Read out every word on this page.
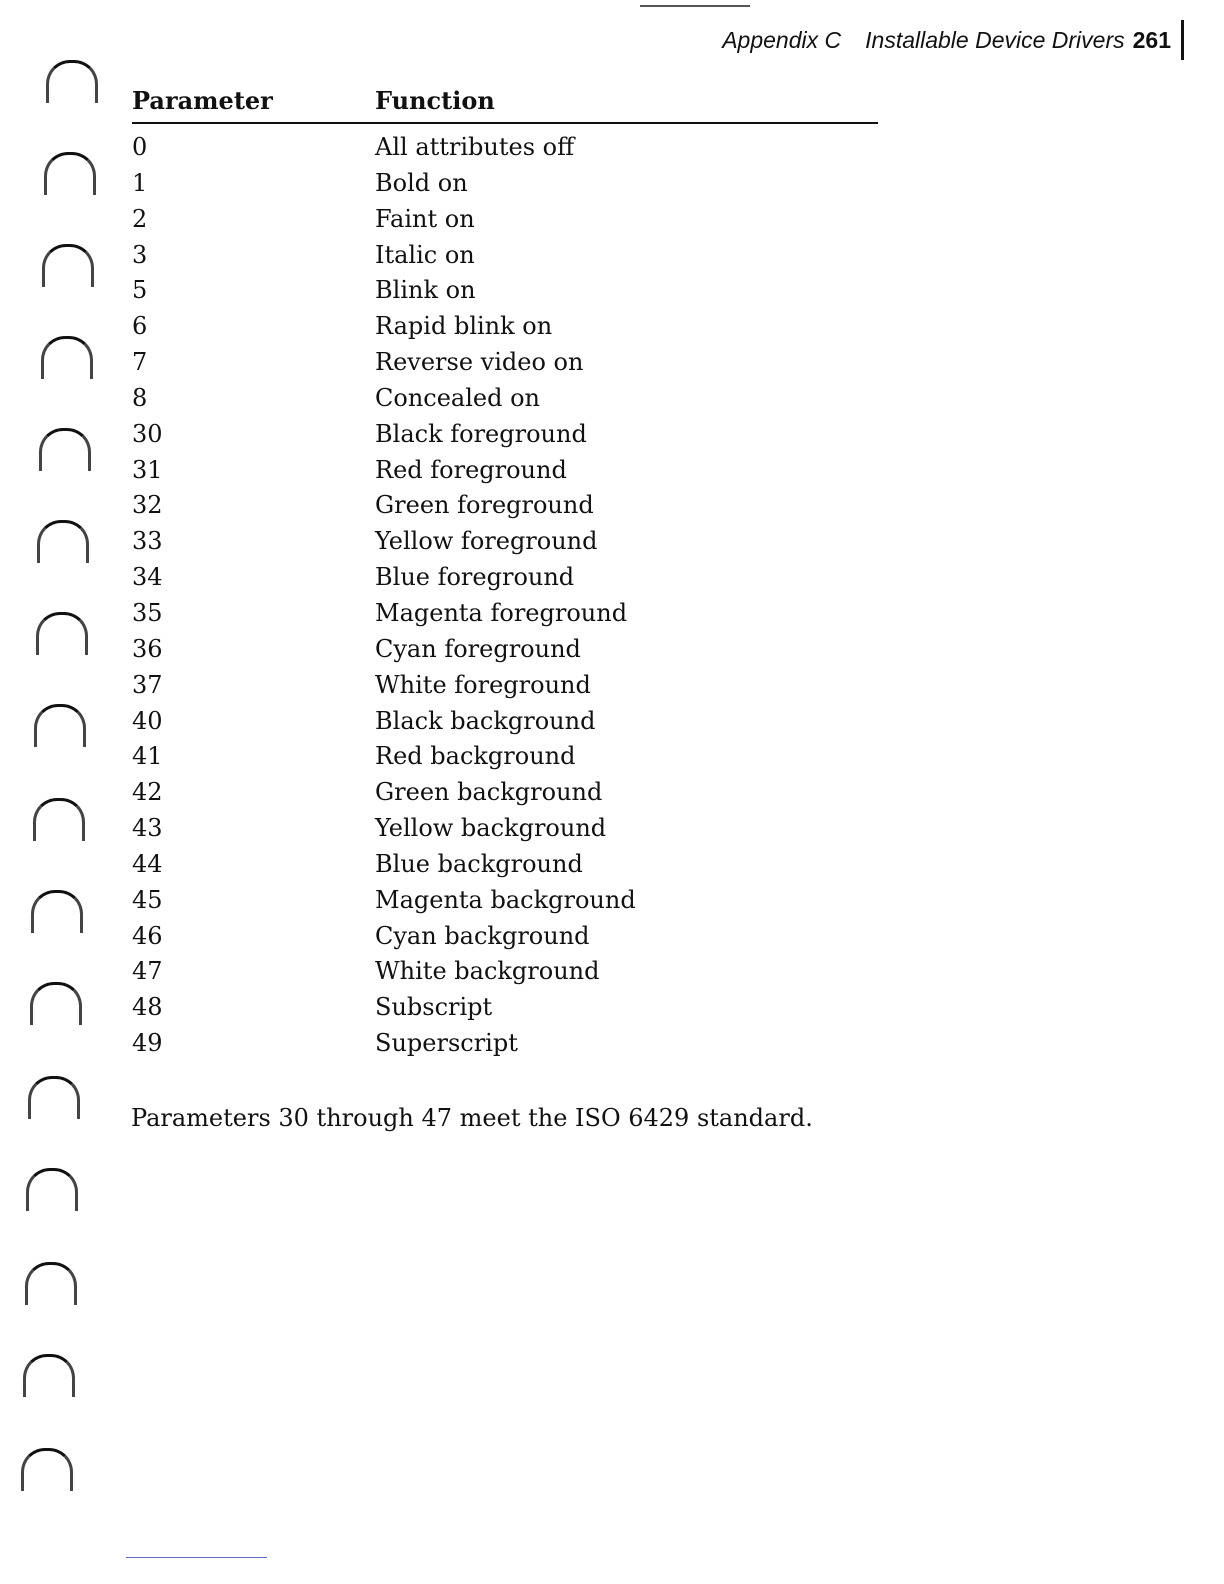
Appendix C Installable Device Drivers 261
Parameter	Function
0	All attributes off
1	Bold on
2	Faint on
3	Italic on
5	Blink on
6	Rapid blink on
7	Reverse video on
8	Concealed on
30	Black foreground
31	Red foreground
32	Green foreground
33	Yellow foreground
34	Blue foreground
35	Magenta foreground
36	Cyan foreground
37	White foreground
40	Black background
41	Red background
42	Green background
43	Yellow background
44	Blue background
45	Magenta background
46	Cyan background
47	White background
48	Subscript
49	Superscript
Parameters 30 through 47 meet the ISO 6429 standard.
